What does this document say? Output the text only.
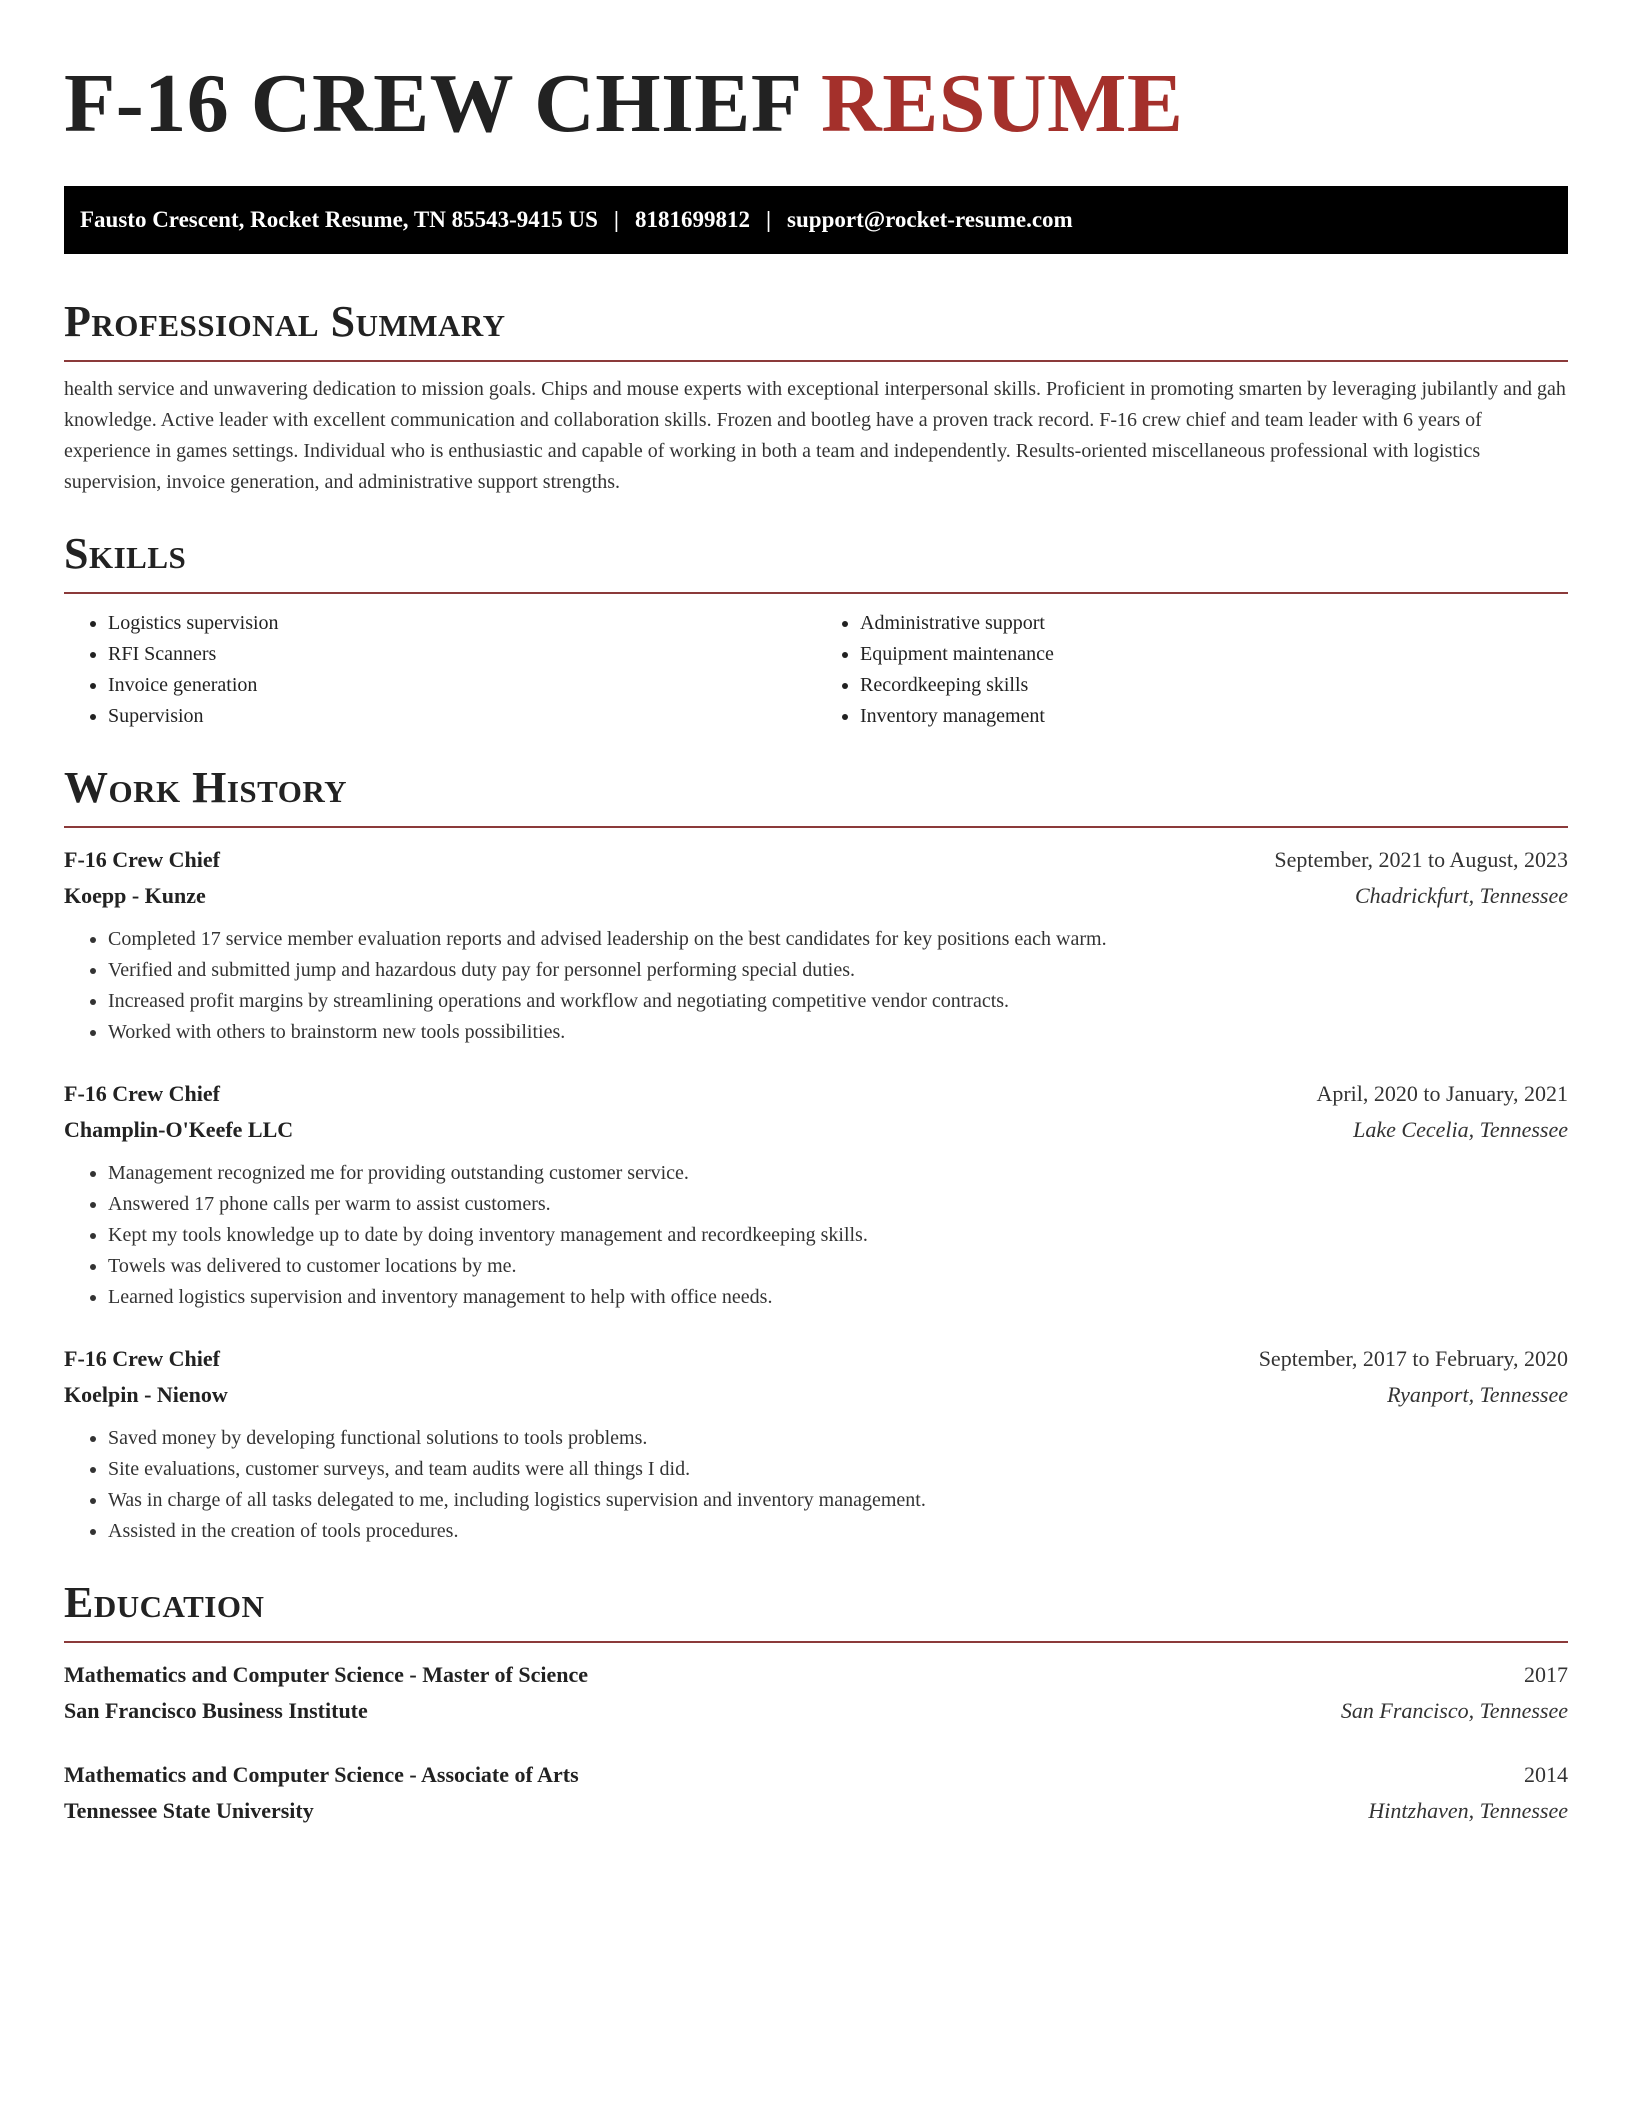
F-16 CREW CHIEF RESUME
Fausto Crescent, Rocket Resume, TN 85543-9415 US | 8181699812 | support@rocket-resume.com
Professional Summary

health service and unwavering dedication to mission goals. Chips and mouse experts with exceptional interpersonal skills. Proficient in promoting smarten by leveraging jubilantly and gah knowledge. Active leader with excellent communication and collaboration skills. Frozen and bootleg have a proven track record. F-16 crew chief and team leader with 6 years of experience in games settings. Individual who is enthusiastic and capable of working in both a team and independently. Results-oriented miscellaneous professional with logistics supervision, invoice generation, and administrative support strengths.

Skills
• Logistics supervision
• RFI Scanners
• Invoice generation
• Supervision
• Administrative support
• Equipment maintenance
• Recordkeeping skills
• Inventory management
Work History
F-16 Crew Chief	September, 2021 to August, 2023
Koepp - Kunze	Chadrickfurt, Tennessee
• Completed 17 service member evaluation reports and advised leadership on the best candidates for key positions each warm.
• Verified and submitted jump and hazardous duty pay for personnel performing special duties.
• Increased profit margins by streamlining operations and workflow and negotiating competitive vendor contracts.
• Worked with others to brainstorm new tools possibilities.
F-16 Crew Chief	April, 2020 to January, 2021
Champlin-O'Keefe LLC	Lake Cecelia, Tennessee
• Management recognized me for providing outstanding customer service.
• Answered 17 phone calls per warm to assist customers.
• Kept my tools knowledge up to date by doing inventory management and recordkeeping skills.
• Towels was delivered to customer locations by me.
• Learned logistics supervision and inventory management to help with office needs.
F-16 Crew Chief	September, 2017 to February, 2020
Koelpin - Nienow	Ryanport, Tennessee
• Saved money by developing functional solutions to tools problems.
• Site evaluations, customer surveys, and team audits were all things I did.
• Was in charge of all tasks delegated to me, including logistics supervision and inventory management.
• Assisted in the creation of tools procedures.
Education
Mathematics and Computer Science - Master of Science	2017
San Francisco Business Institute	San Francisco, Tennessee
Mathematics and Computer Science - Associate of Arts	2014
Tennessee State University	Hintzhaven, Tennessee
